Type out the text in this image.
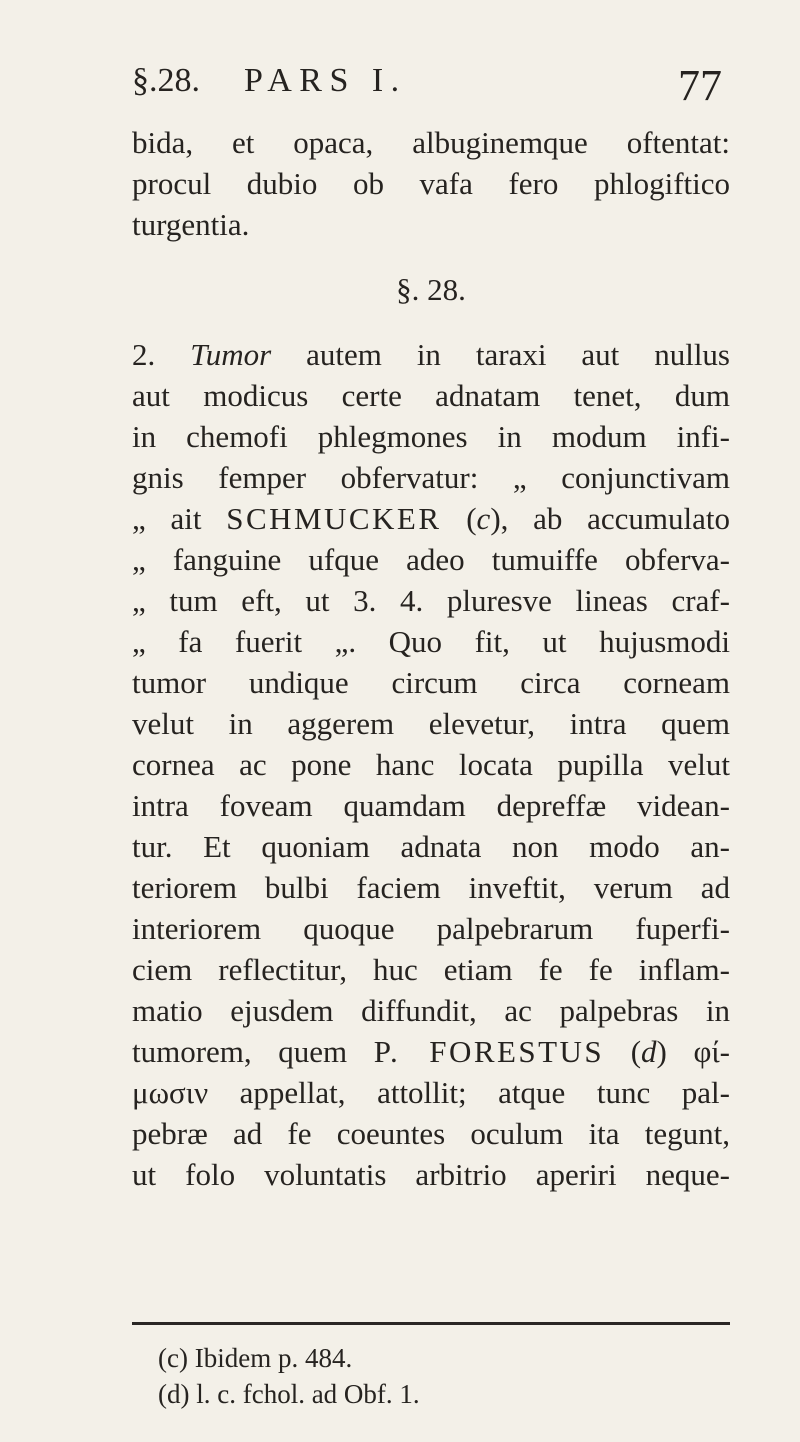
§.28. PARS I.	77
bida, et opaca, albuginemque oftentat:
procul dubio ob vafa fero phlogiftico
turgentia.
§. 28.
2. Tumor autem in taraxi aut nullus
aut modicus certe adnatam tenet, dum
in chemofi phlegmones in modum infi-
gnis femper obfervatur: „ conjunctivam
„ ait SCHMUCKER (c), ab accumulato
„ fanguine ufque adeo tumuiffe obferva-
„ tum eft, ut 3. 4. pluresve lineas craf-
„ fa fuerit „. Quo fit, ut hujusmodi
tumor undique circum circa corneam
velut in aggerem elevetur, intra quem
cornea ac pone hanc locata pupilla velut
intra foveam quamdam depreffæ videan-
tur. Et quoniam adnata non modo an-
teriorem bulbi faciem inveftit, verum ad
interiorem quoque palpebrarum fuperfi-
ciem reflectitur, huc etiam fe fe inflam-
matio ejusdem diffundit, ac palpebras in
tumorem, quem P. FORESTUS (d) φί-
μωσιν appellat, attollit; atque tunc pal-
pebræ ad fe coeuntes oculum ita tegunt,
ut folo voluntatis arbitrio aperiri neque-
(c) Ibidem p. 484.
(d) l. c. fchol. ad Obf. 1.
